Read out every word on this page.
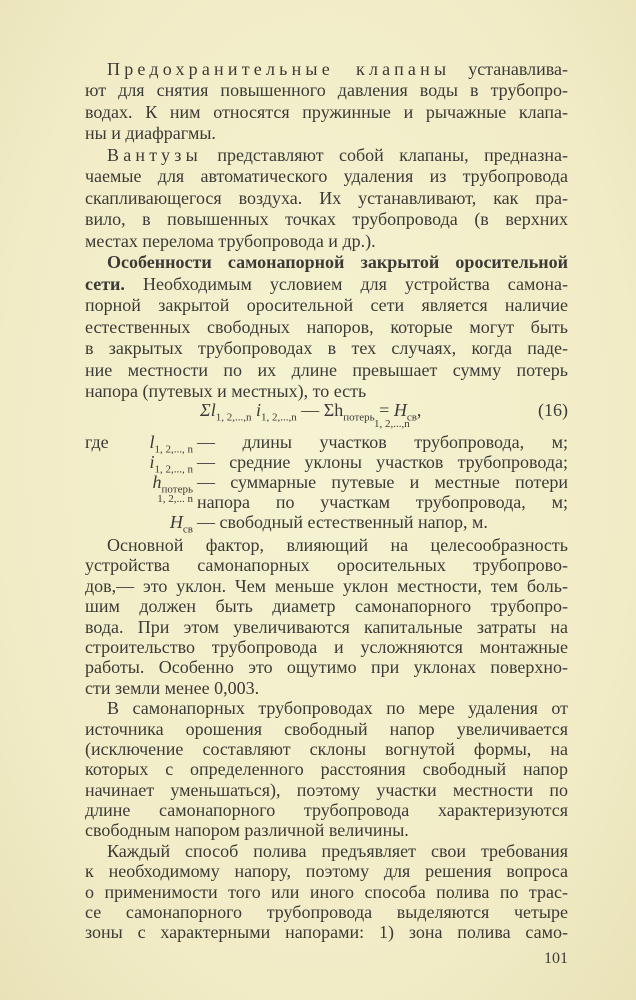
Предохранительные клапаны устанавлива-
ют для снятия повышенного давления воды в трубопро-
водах. К ним относятся пружинные и рычажные клапа-
ны и диафрагмы.
Вантузы представляют собой клапаны, предназна-
чаемые для автоматического удаления из трубопровода
скапливающегося воздуха. Их устанавливают, как пра-
вило, в повышенных точках трубопровода (в верхних
местах перелома трубопровода и др.).
Особенности самонапорной закрытой оросительной
сети. Необходимым условием для устройства самона-
порной закрытой оросительной сети является наличие
естественных свободных напоров, которые могут быть
в закрытых трубопроводах в тех случаях, когда паде-
ние местности по их длине превышает сумму потерь
напора (путевых и местных), то есть
$\Sigma l_{1, 2,...,n}$ $i_{1, 2,...,n}$ — $\Sigma h_{потерь} = H_{св}$,
1, 2,...,n
(16)
где $l_{1, 2,..., n}$ — длины участков трубопровода, м;
$i_{1, 2,..., n}$ — средние уклоны участков трубопровода;
$h_{потерь}$ — суммарные путевые и местные потери
1, 2,... n напора по участкам трубопровода, м;
$H_{св}$ — свободный естественный напор, м.
Основной фактор, влияющий на целесообразность
устройства самонапорных оросительных трубопрово-
дов,— это уклон. Чем меньше уклон местности, тем боль-
шим должен быть диаметр самонапорного трубопро-
вода. При этом увеличиваются капитальные затраты на
строительство трубопровода и усложняются монтажные
работы. Особенно это ощутимо при уклонах поверхно-
сти земли менее 0,003.
В самонапорных трубопроводах по мере удаления от
источника орошения свободный напор увеличивается
(исключение составляют склоны вогнутой формы, на
которых с определенного расстояния свободный напор
начинает уменьшаться), поэтому участки местности по
длине самонапорного трубопровода характеризуются
свободным напором различной величины.
Каждый способ полива предъявляет свои требования
к необходимому напору, поэтому для решения вопроса
о применимости того или иного способа полива по трас-
се самонапорного трубопровода выделяются четыре
зоны с характерными напорами: 1) зона полива само-
101
